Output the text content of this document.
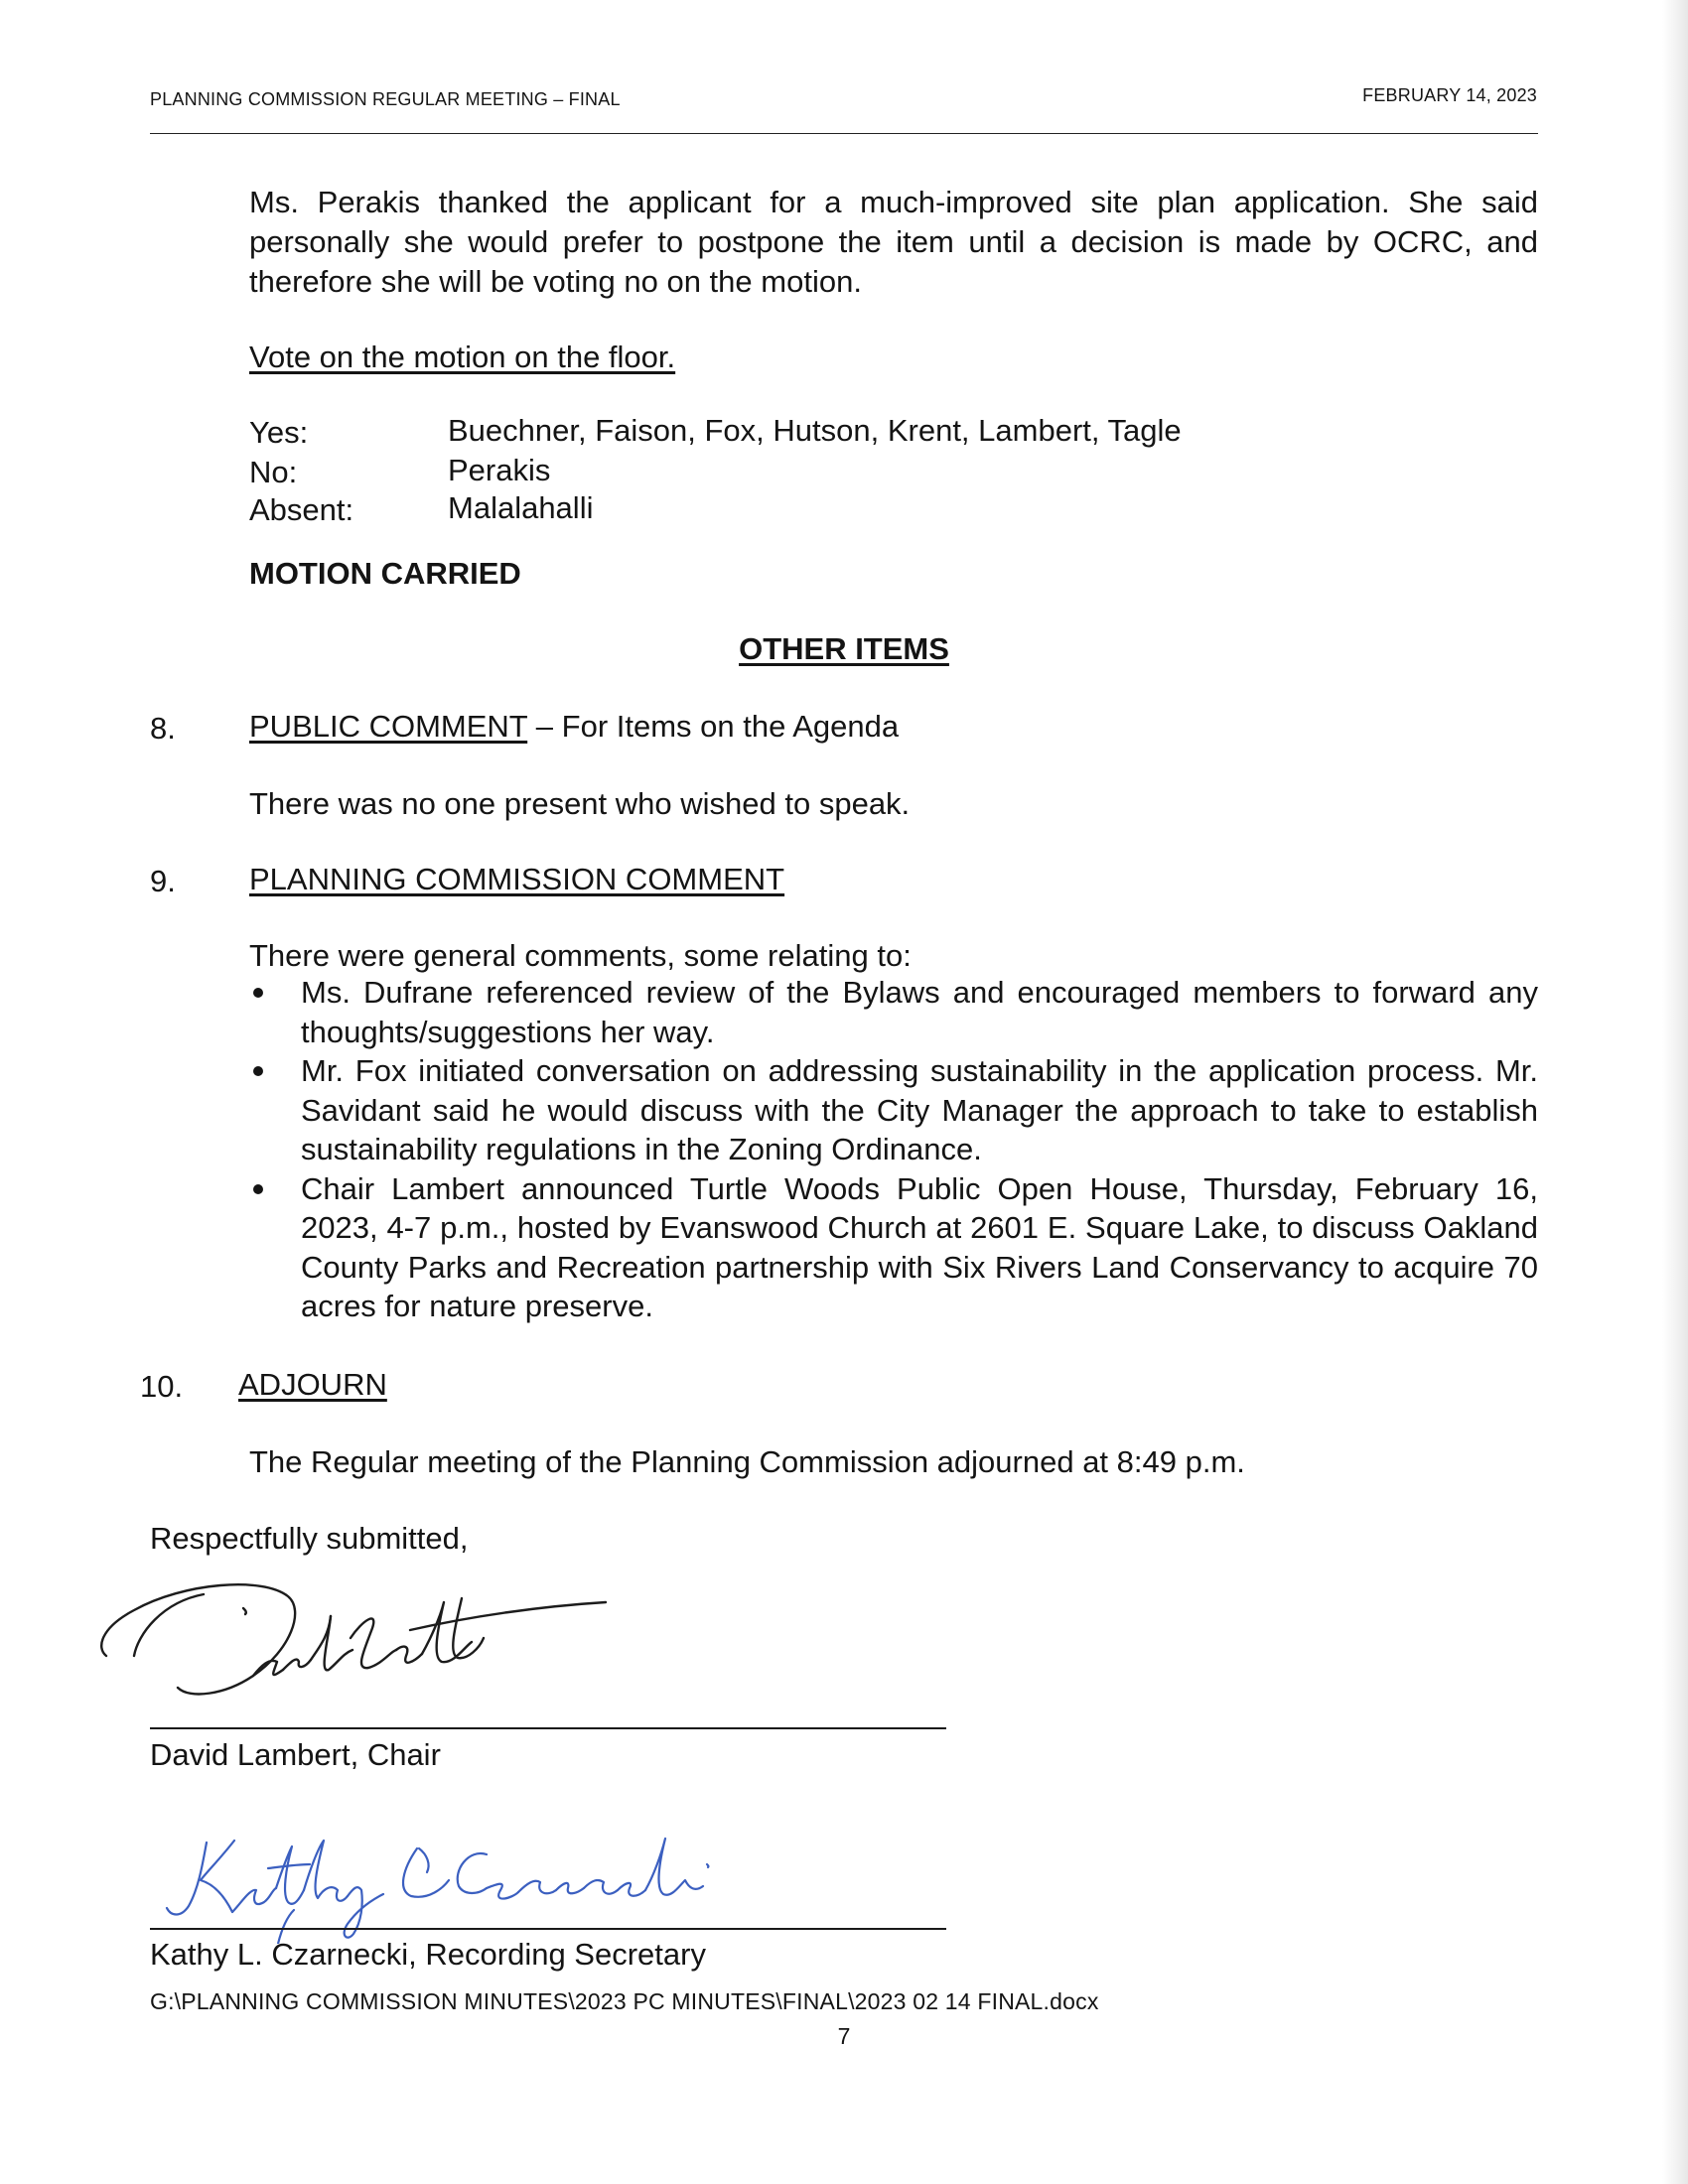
PLANNING COMMISSION REGULAR MEETING – FINAL	FEBRUARY 14, 2023
Ms. Perakis thanked the applicant for a much-improved site plan application. She said personally she would prefer to postpone the item until a decision is made by OCRC, and therefore she will be voting no on the motion.
Vote on the motion on the floor.
Yes:	Buechner, Faison, Fox, Hutson, Krent, Lambert, Tagle
No:	Perakis
Absent:	Malalahalli
MOTION CARRIED
OTHER ITEMS
8. PUBLIC COMMENT – For Items on the Agenda
There was no one present who wished to speak.
9. PLANNING COMMISSION COMMENT
There were general comments, some relating to:
Ms. Dufrane referenced review of the Bylaws and encouraged members to forward any thoughts/suggestions her way.
Mr. Fox initiated conversation on addressing sustainability in the application process. Mr. Savidant said he would discuss with the City Manager the approach to take to establish sustainability regulations in the Zoning Ordinance.
Chair Lambert announced Turtle Woods Public Open House, Thursday, February 16, 2023, 4-7 p.m., hosted by Evanswood Church at 2601 E. Square Lake, to discuss Oakland County Parks and Recreation partnership with Six Rivers Land Conservancy to acquire 70 acres for nature preserve.
10. ADJOURN
The Regular meeting of the Planning Commission adjourned at 8:49 p.m.
Respectfully submitted,
David Lambert, Chair
Kathy L. Czarnecki, Recording Secretary
G:\PLANNING COMMISSION MINUTES\2023 PC MINUTES\FINAL\2023 02 14 FINAL.docx
7
